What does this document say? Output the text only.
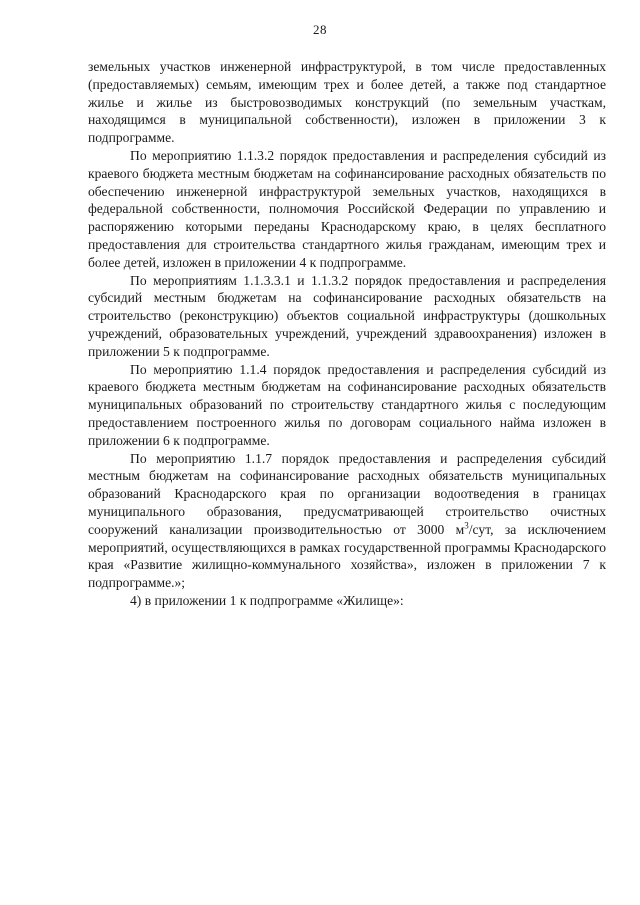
28

земельных участков инженерной инфраструктурой, в том числе предоставленных (предоставляемых) семьям, имеющим трех и более детей, а также под стандартное жилье и жилье из быстровозводимых конструкций (по земельным участкам, находящимся в муниципальной собственности), изложен в приложении 3 к подпрограмме.

По мероприятию 1.1.3.2 порядок предоставления и распределения субсидий из краевого бюджета местным бюджетам на софинансирование расходных обязательств по обеспечению инженерной инфраструктурой земельных участков, находящихся в федеральной собственности, полномочия Российской Федерации по управлению и распоряжению которыми переданы Краснодарскому краю, в целях бесплатного предоставления для строительства стандартного жилья гражданам, имеющим трех и более детей, изложен в приложении 4 к подпрограмме.

По мероприятиям 1.1.3.3.1 и 1.1.3.2 порядок предоставления и распределения субсидий местным бюджетам на софинансирование расходных обязательств на строительство (реконструкцию) объектов социальной инфраструктуры (дошкольных учреждений, образовательных учреждений, учреждений здравоохранения) изложен в приложении 5 к подпрограмме.

По мероприятию 1.1.4 порядок предоставления и распределения субсидий из краевого бюджета местным бюджетам на софинансирование расходных обязательств муниципальных образований по строительству стандартного жилья с последующим предоставлением построенного жилья по договорам социального найма изложен в приложении 6 к подпрограмме.

По мероприятию 1.1.7 порядок предоставления и распределения субсидий местным бюджетам на софинансирование расходных обязательств муниципальных образований Краснодарского края по организации водоотведения в границах муниципального образования, предусматривающей строительство очистных сооружений канализации производительностью от 3000 $м^3$/сут, за исключением мероприятий, осуществляющихся в рамках государственной программы Краснодарского края «Развитие жилищно-коммунального хозяйства», изложен в приложении 7 к подпрограмме.»;

4) в приложении 1 к подпрограмме «Жилище»:
